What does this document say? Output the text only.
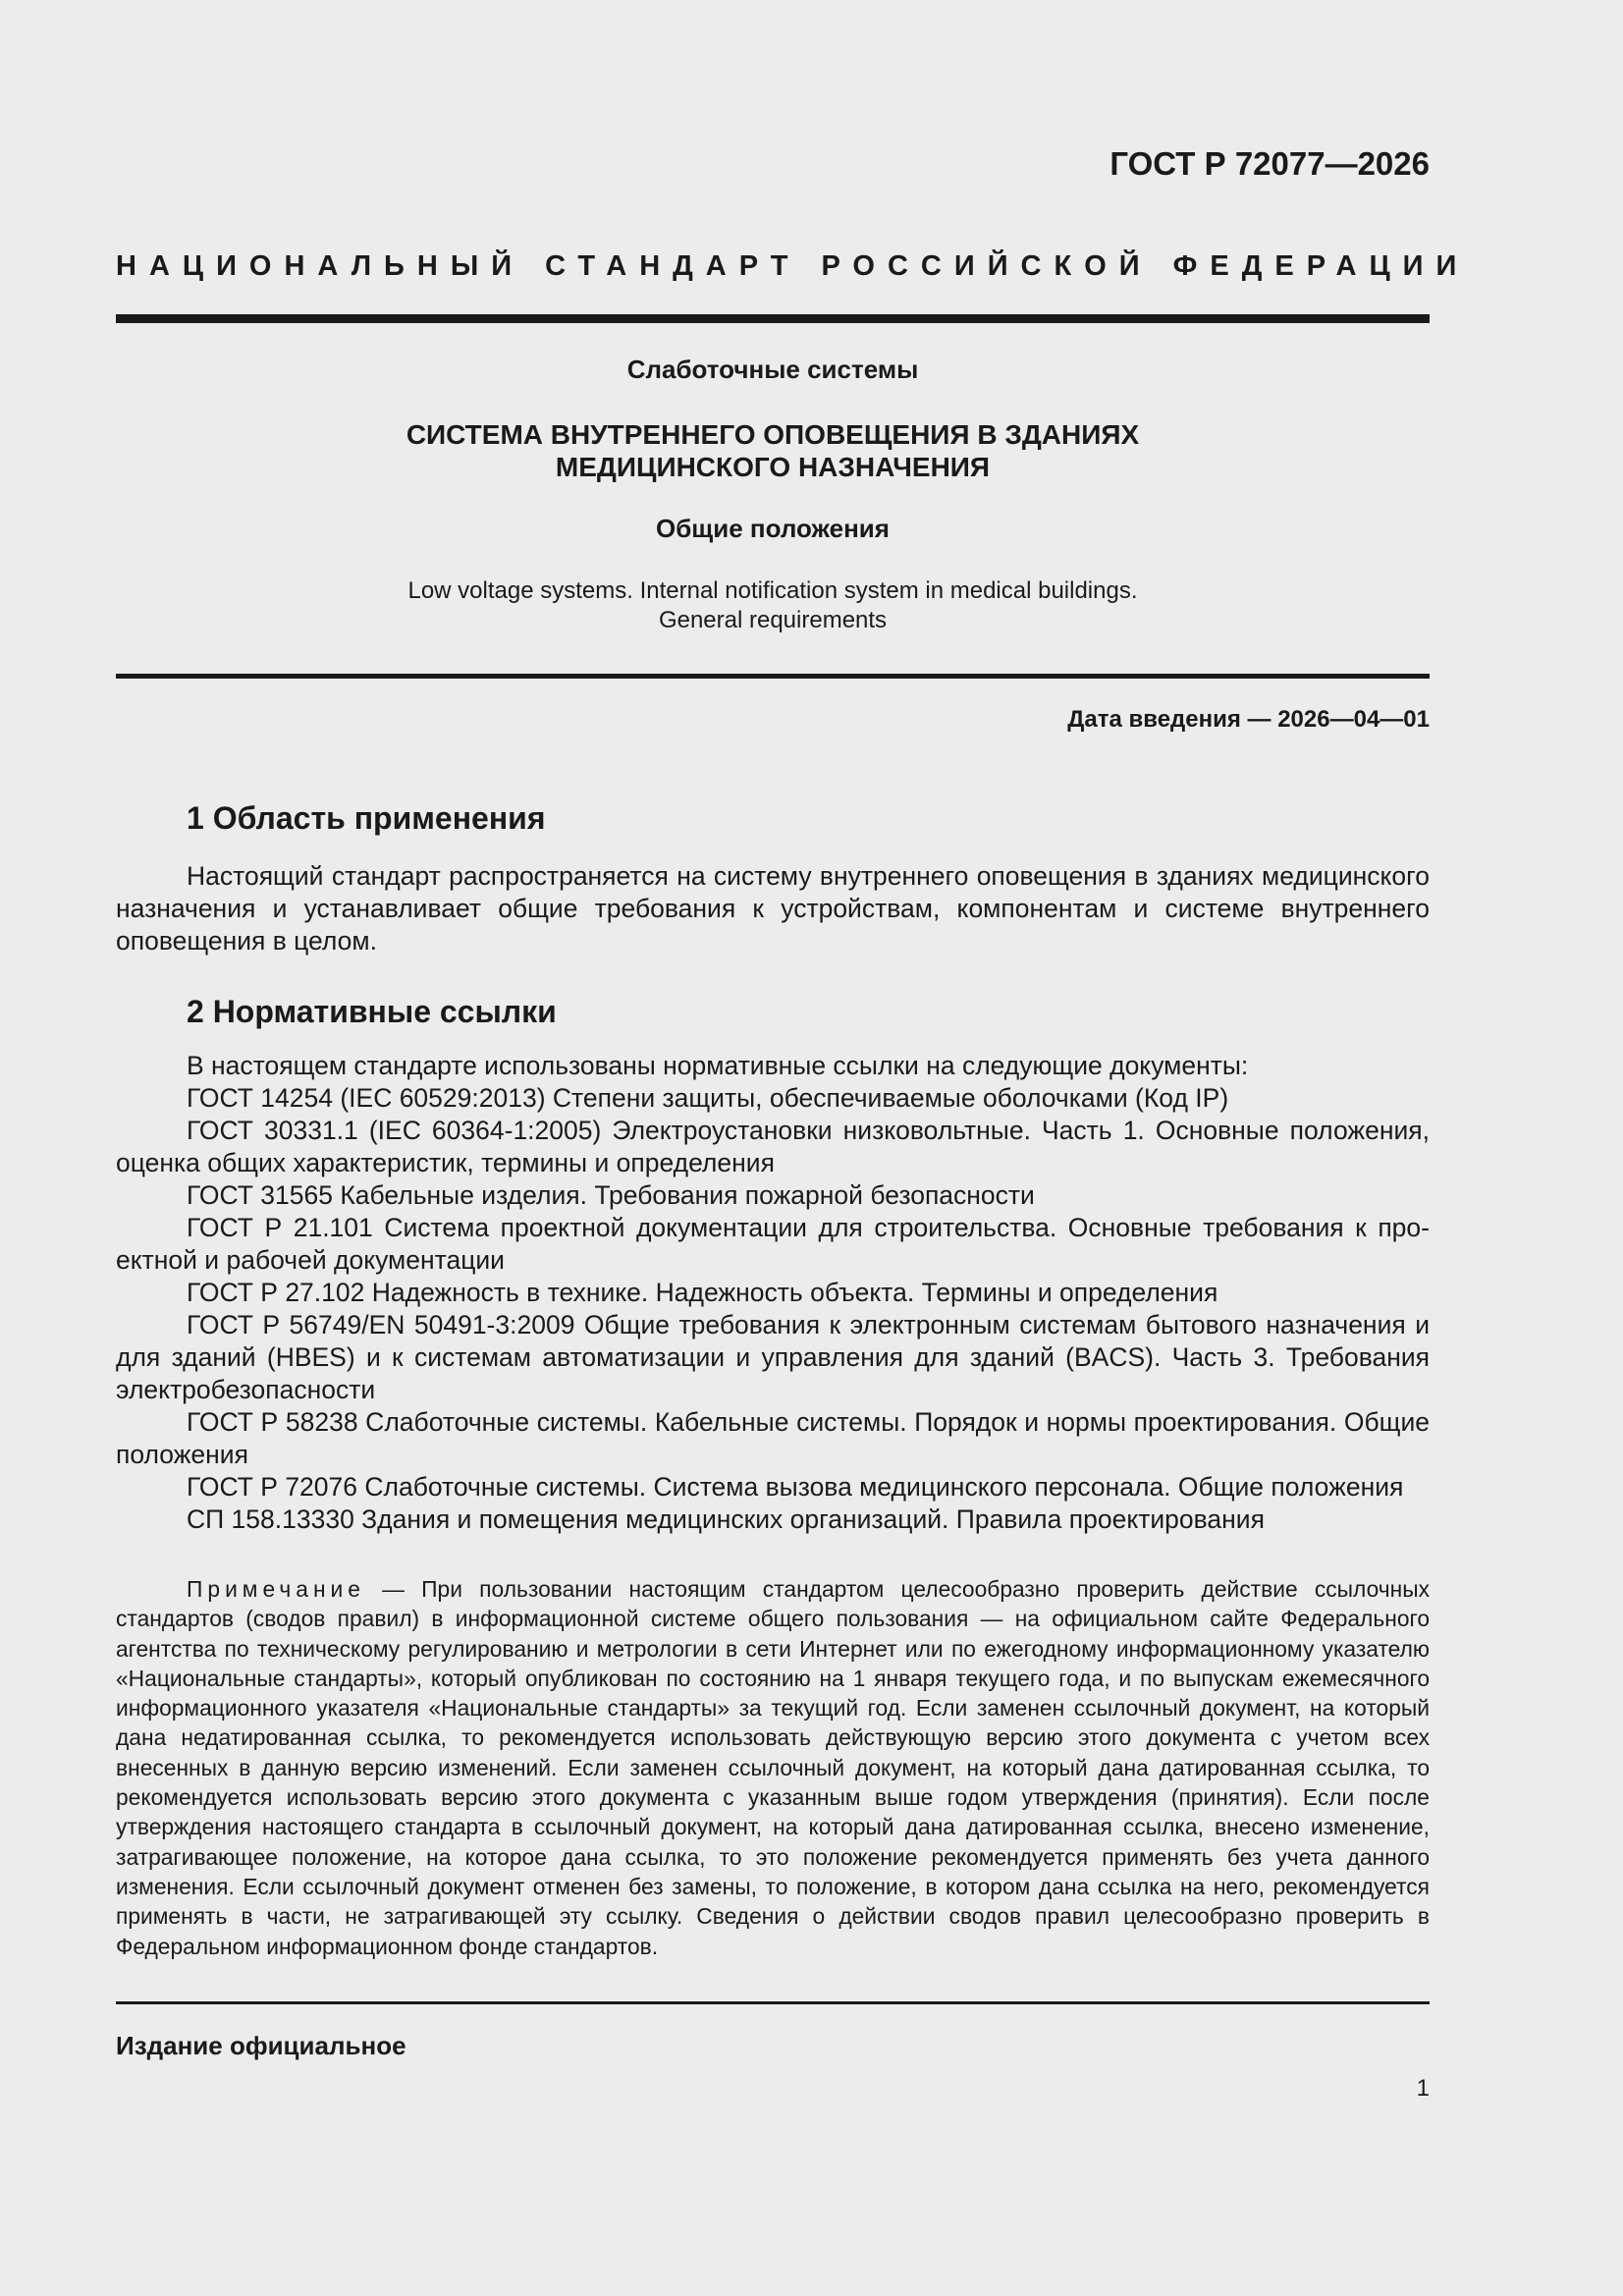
ГОСТ Р 72077—2026
НАЦИОНАЛЬНЫЙ СТАНДАРТ РОССИЙСКОЙ ФЕДЕРАЦИИ
Слаботочные системы
СИСТЕМА ВНУТРЕННЕГО ОПОВЕЩЕНИЯ В ЗДАНИЯХ
МЕДИЦИНСКОГО НАЗНАЧЕНИЯ
Общие положения
Low voltage systems. Internal notification system in medical buildings.
General requirements
Дата введения — 2026—04—01
1 Область применения

Настоящий стандарт распространяется на систему внутреннего оповещения в зданиях медицинского назначения и устанавливает общие требования к устройствам, компонентам и системе внутреннего оповещения в целом.

2 Нормативные ссылки

В настоящем стандарте использованы нормативные ссылки на следующие документы:

ГОСТ 14254 (IEC 60529:2013) Степени защиты, обеспечиваемые оболочками (Код IP)

ГОСТ 30331.1 (IEC 60364-1:2005) Электроустановки низковольтные. Часть 1. Основные положения, оценка общих характеристик, термины и определения

ГОСТ 31565 Кабельные изделия. Требования пожарной безопасности

ГОСТ Р 21.101 Система проектной документации для строительства. Основные требования к проектной и рабочей документации

ГОСТ Р 27.102 Надежность в технике. Надежность объекта. Термины и определения

ГОСТ Р 56749/EN 50491-3:2009 Общие требования к электронным системам бытового назначения и для зданий (HBES) и к системам автоматизации и управления для зданий (BACS). Часть 3. Требования электробезопасности

ГОСТ Р 58238 Слаботочные системы. Кабельные системы. Порядок и нормы проектирования. Общие положения

ГОСТ Р 72076 Слаботочные системы. Система вызова медицинского персонала. Общие положения

СП 158.13330 Здания и помещения медицинских организаций. Правила проектирования

Примечание — При пользовании настоящим стандартом целесообразно проверить действие ссылочных стандартов (сводов правил) в информационной системе общего пользования — на официальном сайте Федерального агентства по техническому регулированию и метрологии в сети Интернет или по ежегодному информационному указателю «Национальные стандарты», который опубликован по состоянию на 1 января текущего года, и по выпускам ежемесячного информационного указателя «Национальные стандарты» за текущий год. Если заменен ссылочный документ, на который дана недатированная ссылка, то рекомендуется использовать действующую версию этого документа с учетом всех внесенных в данную версию изменений. Если заменен ссылочный документ, на который дана датированная ссылка, то рекомендуется использовать версию этого документа с указанным выше годом утверждения (принятия). Если после утверждения настоящего стандарта в ссылочный документ, на который дана датированная ссылка, внесено изменение, затрагивающее положение, на которое дана ссылка, то это положение рекомендуется применять без учета данного изменения. Если ссылочный документ отменен без замены, то положение, в котором дана ссылка на него, рекомендуется применять в части, не затрагивающей эту ссылку. Сведения о действии сводов правил целесообразно проверить в Федеральном информационном фонде стандартов.

Издание официальное
1
